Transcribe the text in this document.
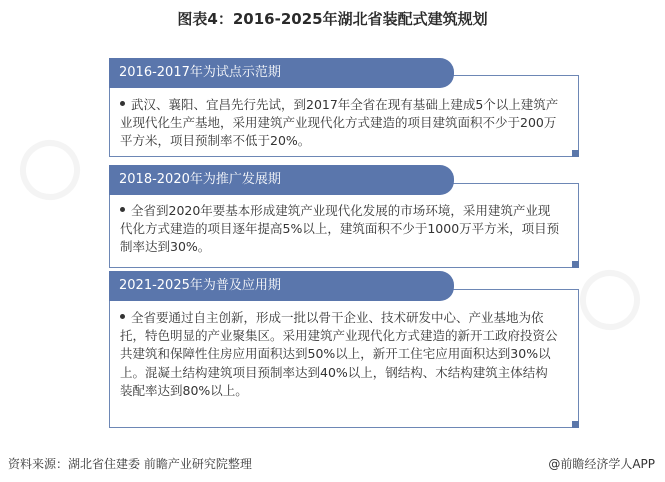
图表4：2016-2025年湖北省装配式建筑规划
2016-2017年为试点示范期
武汉、襄阳、宜昌先行先试，到2017年全省在现有基础上建成5个以上建筑产业现代化生产基地，采用建筑产业现代化方式建造的项目建筑面积不少于200万平方米，项目预制率不低于20%。
2018-2020年为推广发展期
全省到2020年要基本形成建筑产业现代化发展的市场环境，采用建筑产业现代化方式建造的项目逐年提高5%以上，建筑面积不少于1000万平方米，项目预制率达到30%。
2021-2025年为普及应用期
全省要通过自主创新，形成一批以骨干企业、技术研发中心、产业基地为依托，特色明显的产业聚集区。采用建筑产业现代化方式建造的新开工政府投资公共建筑和保障性住房应用面积达到50%以上，新开工住宅应用面积达到30%以上。混凝土结构建筑项目预制率达到40%以上，钢结构、木结构建筑主体结构装配率达到80%以上。
资料来源：湖北省住建委 前瞻产业研究院整理	@前瞻经济学人APP
